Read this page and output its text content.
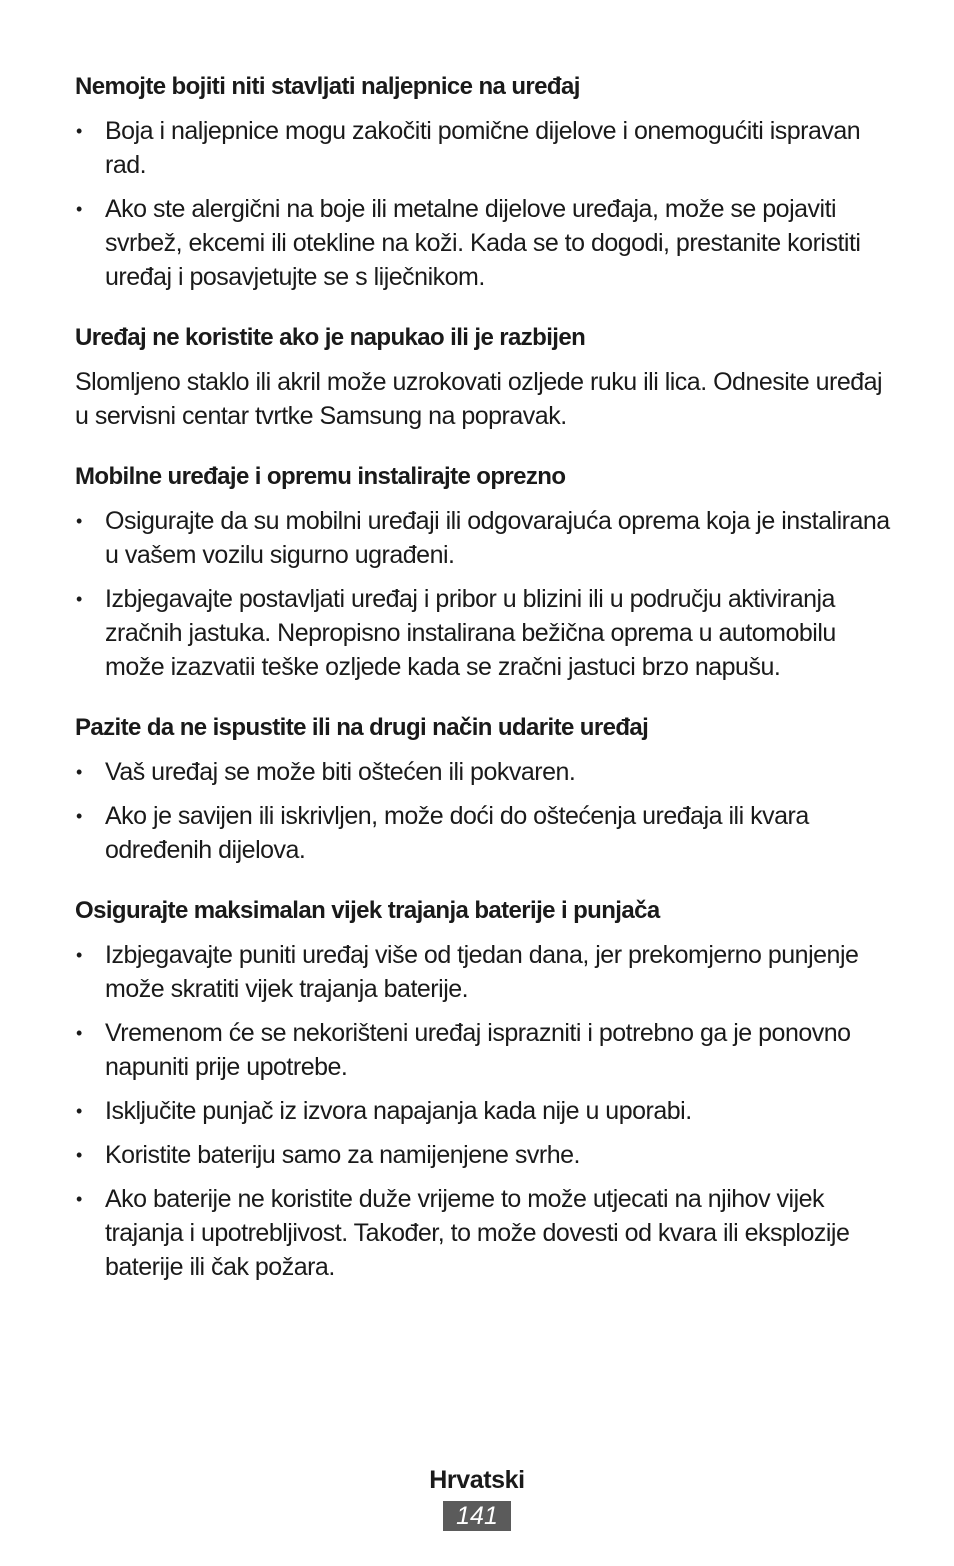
Nemojte bojiti niti stavljati naljepnice na uređaj
• Boja i naljepnice mogu zakočiti pomične dijelove i onemogućiti ispravan rad.
• Ako ste alergični na boje ili metalne dijelove uređaja, može se pojaviti svrbež, ekcemi ili otekline na koži. Kada se to dogodi, prestanite koristiti uređaj i posavjetujte se s liječnikom.
Uređaj ne koristite ako je napukao ili je razbijen

Slomljeno staklo ili akril može uzrokovati ozljede ruku ili lica. Odnesite uređaj u servisni centar tvrtke Samsung na popravak.

Mobilne uređaje i opremu instalirajte oprezno
• Osigurajte da su mobilni uređaji ili odgovarajuća oprema koja je instalirana u vašem vozilu sigurno ugrađeni.
• Izbjegavajte postavljati uređaj i pribor u blizini ili u području aktiviranja zračnih jastuka. Nepropisno instalirana bežična oprema u automobilu može izazvatii teške ozljede kada se zračni jastuci brzo napušu.
Pazite da ne ispustite ili na drugi način udarite uređaj
• Vaš uređaj se može biti oštećen ili pokvaren.
• Ako je savijen ili iskrivljen, može doći do oštećenja uređaja ili kvara određenih dijelova.
Osigurajte maksimalan vijek trajanja baterije i punjača
• Izbjegavajte puniti uređaj više od tjedan dana, jer prekomjerno punjenje može skratiti vijek trajanja baterije.
• Vremenom će se nekorišteni uređaj isprazniti i potrebno ga je ponovno napuniti prije upotrebe.
• Isključite punjač iz izvora napajanja kada nije u uporabi.
• Koristite bateriju samo za namijenjene svrhe.
• Ako baterije ne koristite duže vrijeme to može utjecati na njihov vijek trajanja i upotrebljivost. Također, to može dovesti od kvara ili eksplozije baterije ili čak požara.
Hrvatski
141
